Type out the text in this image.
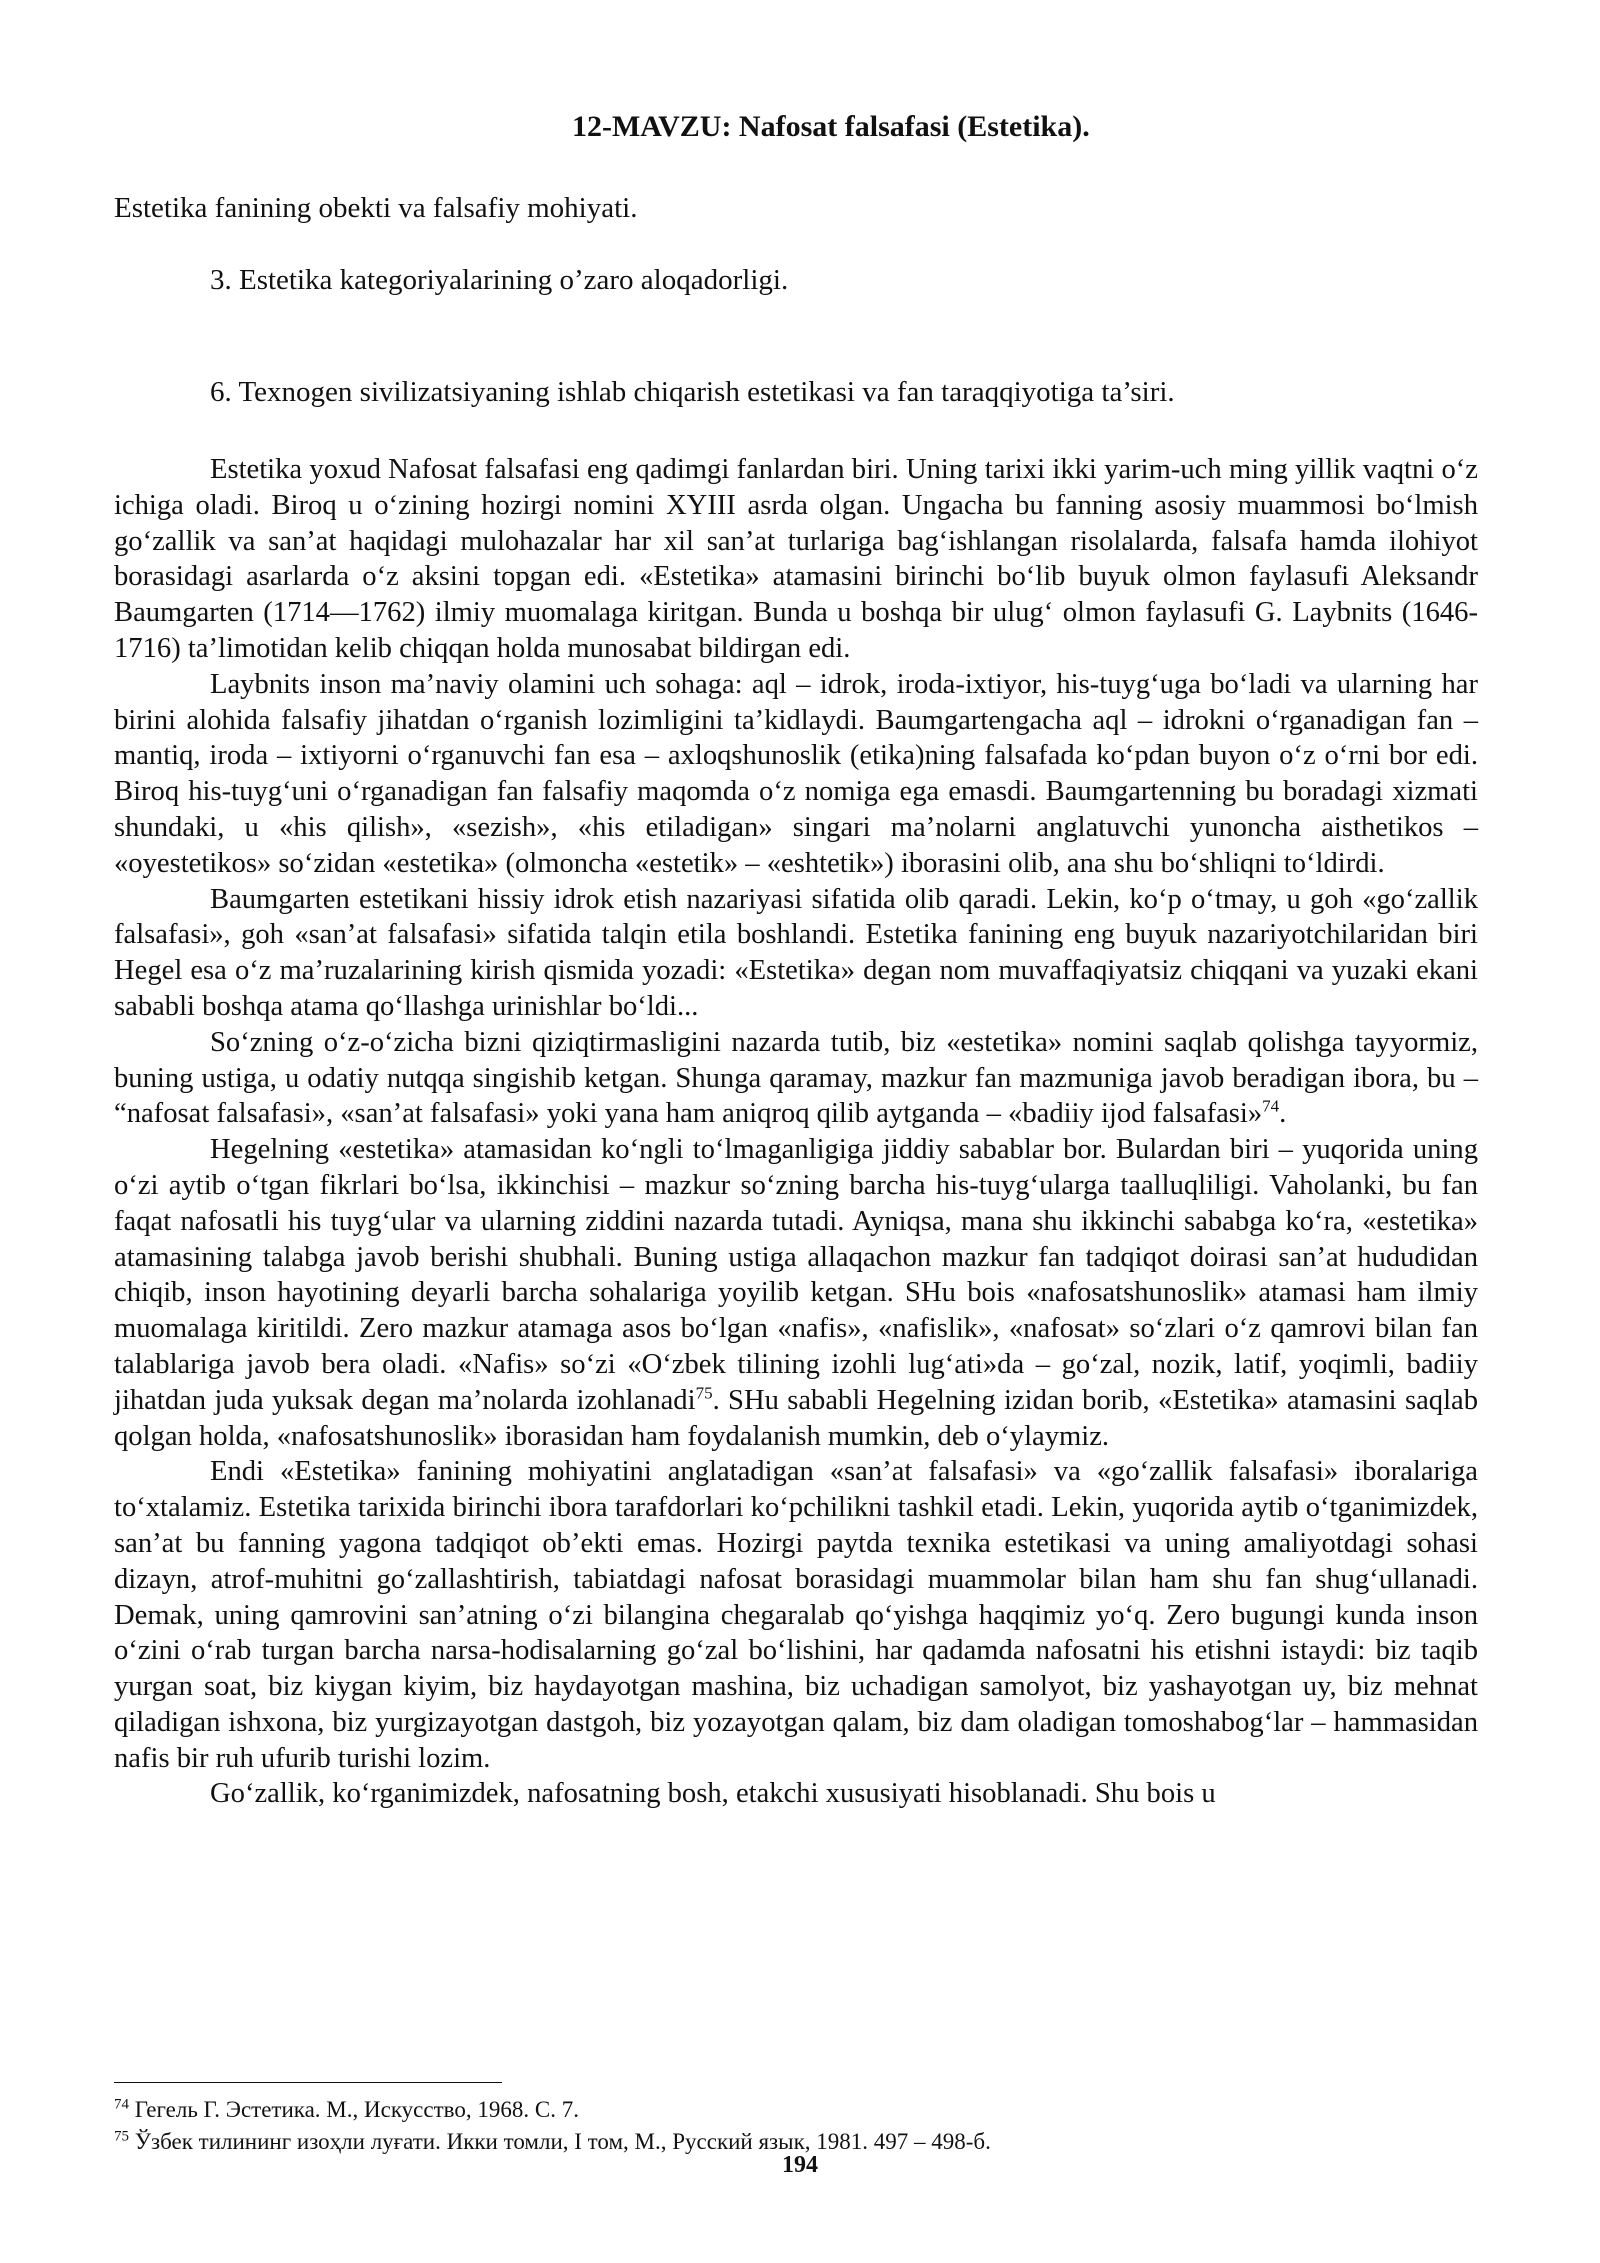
12-MAVZU: Nafosat falsafasi (Estetika).
Estetika fanining obekti va falsafiy mohiyati.
3. Estetika kategoriyalarining o’zaro aloqadorligi.
6. Texnogen sivilizatsiyaning ishlab chiqarish estetikasi va fan taraqqiyotiga ta’siri.

Estetika yoxud Nafosat falsafasi eng qadimgi fanlardan biri. Uning tarixi ikki yarim-uch ming yillik vaqtni o‘z ichiga oladi. Biroq u o‘zining hozirgi nomini XYIII asrda olgan. Ungacha bu fanning asosiy muammosi bo‘lmish go‘zallik va san’at haqidagi mulohazalar har xil san’at turlariga bag‘ishlangan risolalarda, falsafa hamda ilohiyot borasidagi asarlarda o‘z aksini topgan edi. «Estetika» atamasini birinchi bo‘lib buyuk olmon faylasufi Aleksandr Baumgarten (1714—1762) ilmiy muomalaga kiritgan. Bunda u boshqa bir ulug‘ olmon faylasufi G. Laybnits (1646-1716) ta’limotidan kelib chiqqan holda munosabat bildirgan edi.

Laybnits inson ma’naviy olamini uch sohaga: aql – idrok, iroda-ixtiyor, his-tuyg‘uga bo‘ladi va ularning har birini alohida falsafiy jihatdan o‘rganish lozimligini ta’kidlaydi. Baumgartengacha aql – idrokni o‘rganadigan fan – mantiq, iroda – ixtiyorni o‘rganuvchi fan esa – axloqshunoslik (etika)ning falsafada ko‘pdan buyon o‘z o‘rni bor edi. Biroq his-tuyg‘uni o‘rganadigan fan falsafiy maqomda o‘z nomiga ega emasdi. Baumgartenning bu boradagi xizmati shundaki, u «his qilish», «sezish», «his etiladigan» singari ma’nolarni anglatuvchi yunoncha aisthetikos – «oyestetikos» so‘zidan «estetika» (olmoncha «estetik» – «eshtetik») iborasini olib, ana shu bo‘shliqni to‘ldirdi.

Baumgarten estetikani hissiy idrok etish nazariyasi sifatida olib qaradi. Lekin, ko‘p o‘tmay, u goh «go‘zallik falsafasi», goh «san’at falsafasi» sifatida talqin etila boshlandi. Estetika fanining eng buyuk nazariyotchilaridan biri Hegel esa o‘z ma’ruzalarining kirish qismida yozadi: «Estetika» degan nom muvaffaqiyatsiz chiqqani va yuzaki ekani sababli boshqa atama qo‘llashga urinishlar bo‘ldi...

So‘zning o‘z-o‘zicha bizni qiziqtirmasligini nazarda tutib, biz «estetika» nomini saqlab qolishga tayyormiz, buning ustiga, u odatiy nutqqa singishib ketgan. Shunga qaramay, mazkur fan mazmuniga javob beradigan ibora, bu – “nafosat falsafasi», «san’at falsafasi» yoki yana ham aniqroq qilib aytganda – «badiiy ijod falsafasi»$^{74}$.

Hegelning «estetika» atamasidan ko‘ngli to‘lmaganligiga jiddiy sabablar bor. Bulardan biri – yuqorida uning o‘zi aytib o‘tgan fikrlari bo‘lsa, ikkinchisi – mazkur so‘zning barcha his-tuyg‘ularga taalluqliligi. Vaholanki, bu fan faqat nafosatli his tuyg‘ular va ularning ziddini nazarda tutadi. Ayniqsa, mana shu ikkinchi sababga ko‘ra, «estetika» atamasining talabga javob berishi shubhali. Buning ustiga allaqachon mazkur fan tadqiqot doirasi san’at hududidan chiqib, inson hayotining deyarli barcha sohalariga yoyilib ketgan. SHu bois «nafosatshunoslik» atamasi ham ilmiy muomalaga kiritildi. Zero mazkur atamaga asos bo‘lgan «nafis», «nafislik», «nafosat» so‘zlari o‘z qamrovi bilan fan talablariga javob bera oladi. «Nafis» so‘zi «O‘zbek tilining izohli lug‘ati»da – go‘zal, nozik, latif, yoqimli, badiiy jihatdan juda yuksak degan ma’nolarda izohlanadi$^{75}$. SHu sababli Hegelning izidan borib, «Estetika» atamasini saqlab qolgan holda, «nafosatshunoslik» iborasidan ham foydalanish mumkin, deb o‘ylaymiz.

Endi «Estetika» fanining mohiyatini anglatadigan «san’at falsafasi» va «go‘zallik falsafasi» iboralariga to‘xtalamiz. Estetika tarixida birinchi ibora tarafdorlari ko‘pchilikni tashkil etadi. Lekin, yuqorida aytib o‘tganimizdek, san’at bu fanning yagona tadqiqot ob’ekti emas. Hozirgi paytda texnika estetikasi va uning amaliyotdagi sohasi dizayn, atrof-muhitni go‘zallashtirish, tabiatdagi nafosat borasidagi muammolar bilan ham shu fan shug‘ullanadi. Demak, uning qamrovini san’atning o‘zi bilangina chegaralab qo‘yishga haqqimiz yo‘q. Zero bugungi kunda inson o‘zini o‘rab turgan barcha narsa-hodisalarning go‘zal bo‘lishini, har qadamda nafosatni his etishni istaydi: biz taqib yurgan soat, biz kiygan kiyim, biz haydayotgan mashina, biz uchadigan samolyot, biz yashayotgan uy, biz mehnat qiladigan ishxona, biz yurgizayotgan dastgoh, biz yozayotgan qalam, biz dam oladigan tomoshabog‘lar – hammasidan nafis bir ruh ufurib turishi lozim.

Go‘zallik, ko‘rganimizdek, nafosatning bosh, etakchi xususiyati hisoblanadi. Shu bois u

$^{74}$ Гегель Г. Эстетика. М., Искусство, 1968. С. 7.
$^{75}$ Ўзбек тилининг изоҳли луғати. Икки томли, I том, М., Русский язык, 1981. 497 – 498-б.
194
